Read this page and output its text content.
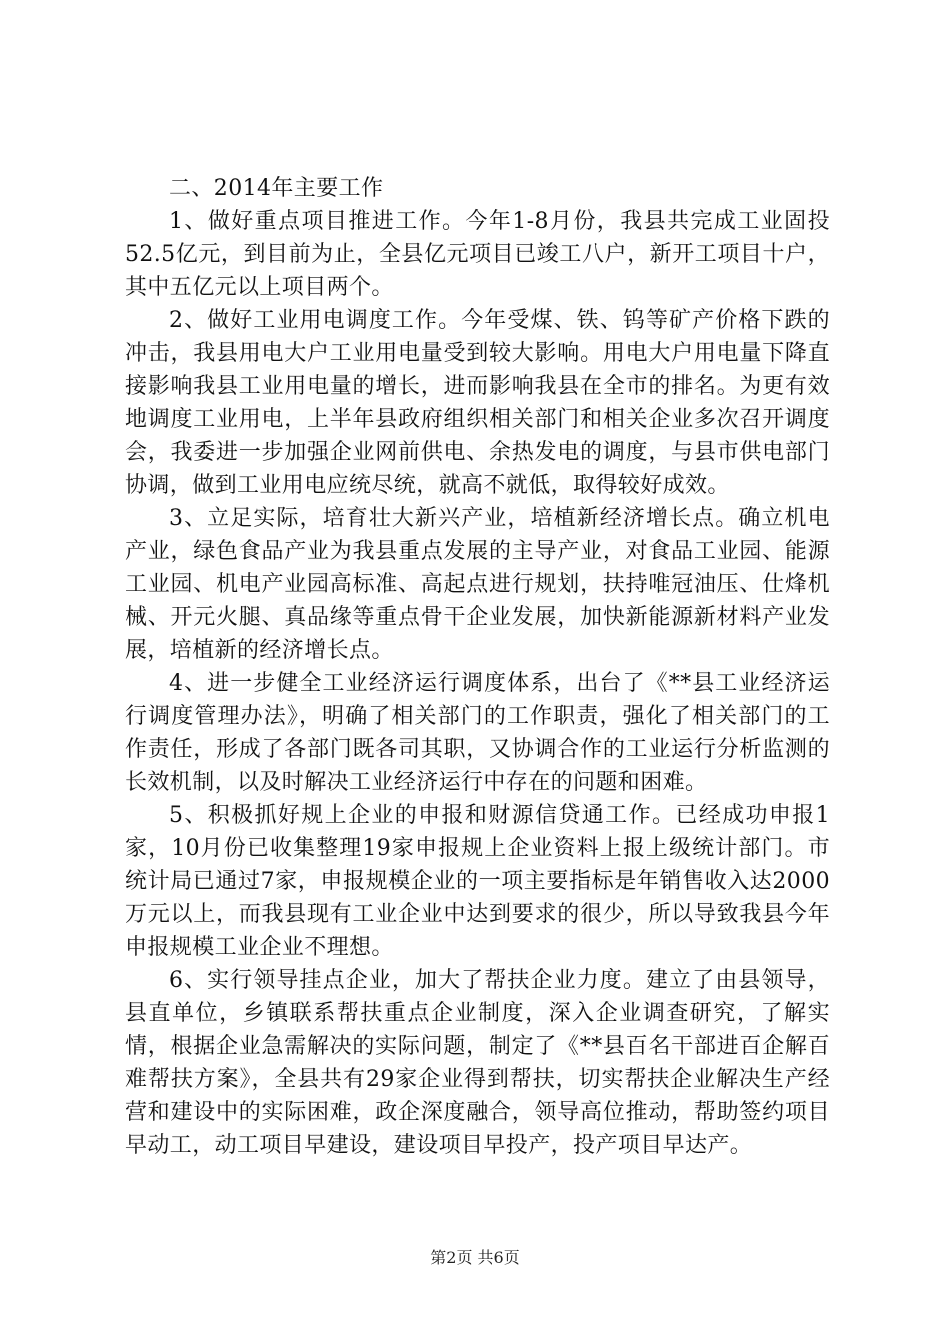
二、2014年主要工作

1、做好重点项目推进工作。今年1-8月份，我县共完成工业固投52.5亿元，到目前为止，全县亿元项目已竣工八户，新开工项目十户，其中五亿元以上项目两个。

2、做好工业用电调度工作。今年受煤、铁、钨等矿产价格下跌的冲击，我县用电大户工业用电量受到较大影响。用电大户用电量下降直接影响我县工业用电量的增长，进而影响我县在全市的排名。为更有效地调度工业用电，上半年县政府组织相关部门和相关企业多次召开调度会，我委进一步加强企业网前供电、余热发电的调度，与县市供电部门协调，做到工业用电应统尽统，就高不就低，取得较好成效。

3、立足实际，培育壮大新兴产业，培植新经济增长点。确立机电产业，绿色食品产业为我县重点发展的主导产业，对食品工业园、能源工业园、机电产业园高标准、高起点进行规划，扶持唯冠油压、仕烽机械、开元火腿、真品缘等重点骨干企业发展，加快新能源新材料产业发展，培植新的经济增长点。

4、进一步健全工业经济运行调度体系，出台了《**县工业经济运行调度管理办法》，明确了相关部门的工作职责，强化了相关部门的工作责任，形成了各部门既各司其职，又协调合作的工业运行分析监测的长效机制，以及时解决工业经济运行中存在的问题和困难。

5、积极抓好规上企业的申报和财源信贷通工作。已经成功申报1家，10月份已收集整理19家申报规上企业资料上报上级统计部门。市统计局已通过7家，申报规模企业的一项主要指标是年销售收入达2000万元以上，而我县现有工业企业中达到要求的很少，所以导致我县今年申报规模工业企业不理想。

6、实行领导挂点企业，加大了帮扶企业力度。建立了由县领导，县直单位，乡镇联系帮扶重点企业制度，深入企业调查研究，了解实情，根据企业急需解决的实际问题，制定了《**县百名干部进百企解百难帮扶方案》，全县共有29家企业得到帮扶，切实帮扶企业解决生产经营和建设中的实际困难，政企深度融合，领导高位推动，帮助签约项目早动工，动工项目早建设，建设项目早投产，投产项目早达产。

第2页 共6页
